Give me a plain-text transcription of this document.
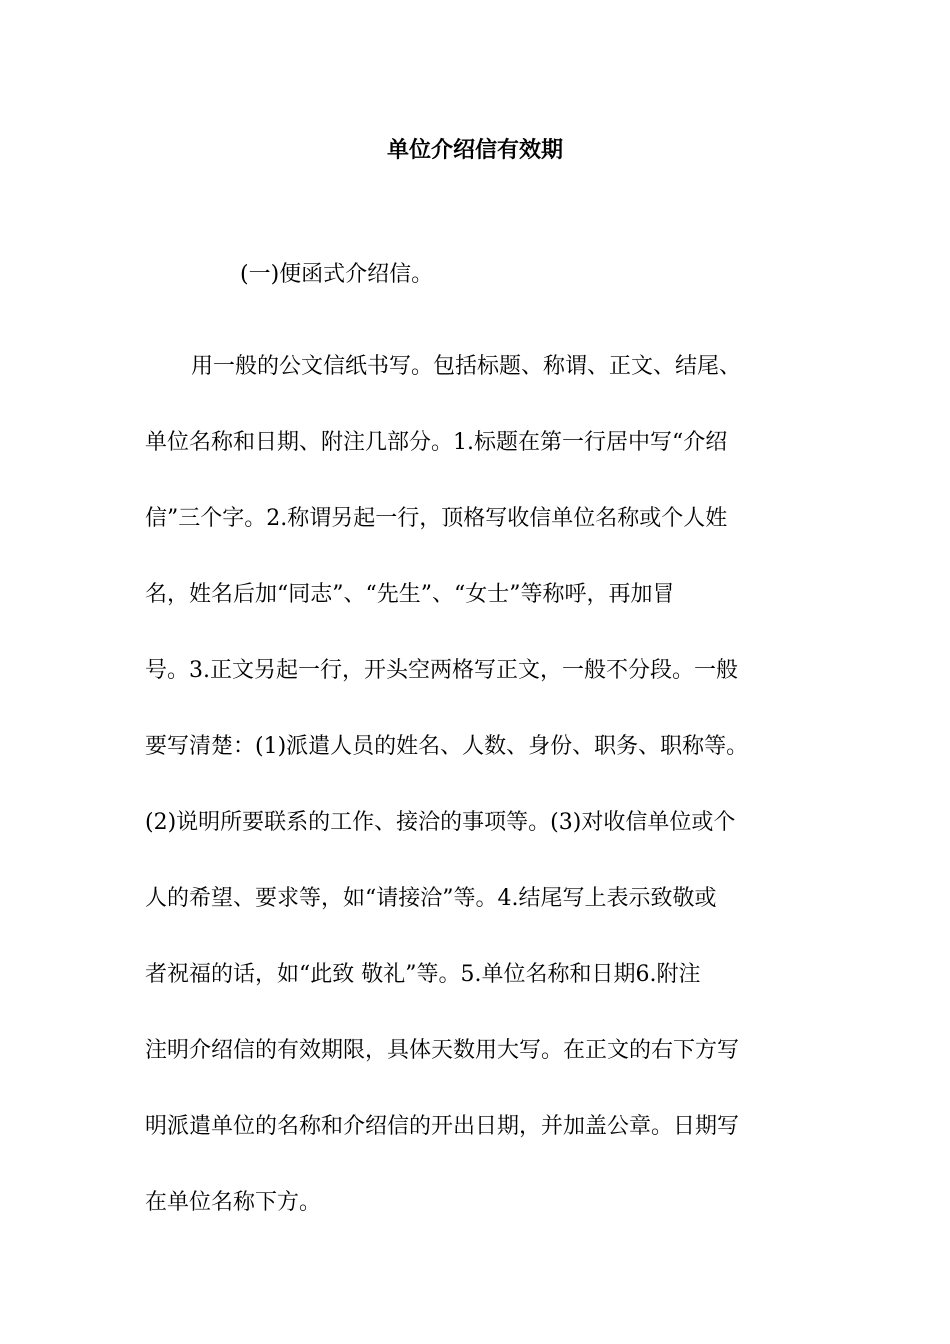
单位介绍信有效期

(一)便函式介绍信。

用一般的公文信纸书写。包括标题、称谓、正文、结尾、
单位名称和日期、附注几部分。1.标题在第一行居中写“介绍
信”三个字。2.称谓另起一行，顶格写收信单位名称或个人姓
名，姓名后加“同志”、“先生”、“女士”等称呼，再加冒
号。3.正文另起一行，开头空两格写正文，一般不分段。一般
要写清楚：(1)派遣人员的姓名、人数、身份、职务、职称等。
(2)说明所要联系的工作、接洽的事项等。(3)对收信单位或个
人的希望、要求等，如“请接洽”等。4.结尾写上表示致敬或
者祝福的话，如“此致 敬礼”等。5.单位名称和日期6.附注
注明介绍信的有效期限，具体天数用大写。在正文的右下方写
明派遣单位的名称和介绍信的开出日期，并加盖公章。日期写
在单位名称下方。
